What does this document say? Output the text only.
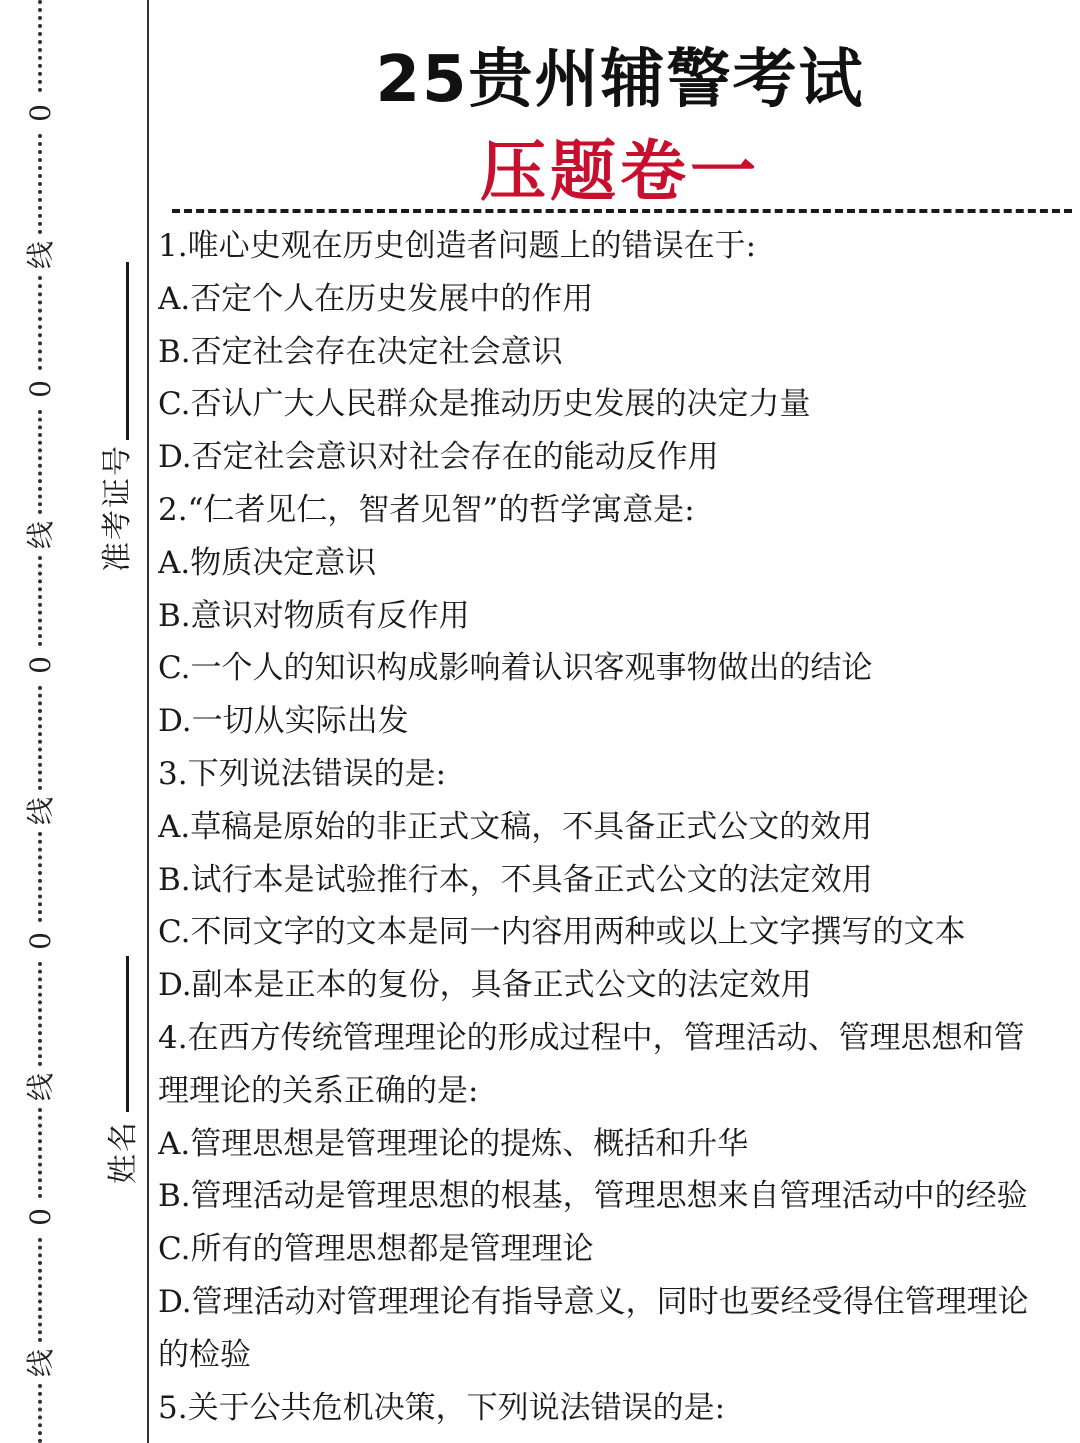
0
线
0
线
0
线
0
线
0
线
准考证号
姓名
25贵州辅警考试
压题卷一
1.唯心史观在历史创造者问题上的错误在于:
A.否定个人在历史发展中的作用
B.否定社会存在决定社会意识
C.否认广大人民群众是推动历史发展的决定力量
D.否定社会意识对社会存在的能动反作用
2.“仁者见仁，智者见智”的哲学寓意是:
A.物质决定意识
B.意识对物质有反作用
C.一个人的知识构成影响着认识客观事物做出的结论
D.一切从实际出发
3.下列说法错误的是:
A.草稿是原始的非正式文稿，不具备正式公文的效用
B.试行本是试验推行本，不具备正式公文的法定效用
C.不同文字的文本是同一内容用两种或以上文字撰写的文本
D.副本是正本的复份，具备正式公文的法定效用
4.在西方传统管理理论的形成过程中，管理活动、管理思想和管
理理论的关系正确的是:
A.管理思想是管理理论的提炼、概括和升华
B.管理活动是管理思想的根基，管理思想来自管理活动中的经验
C.所有的管理思想都是管理理论
D.管理活动对管理理论有指导意义，同时也要经受得住管理理论
的检验
5.关于公共危机决策，下列说法错误的是:
